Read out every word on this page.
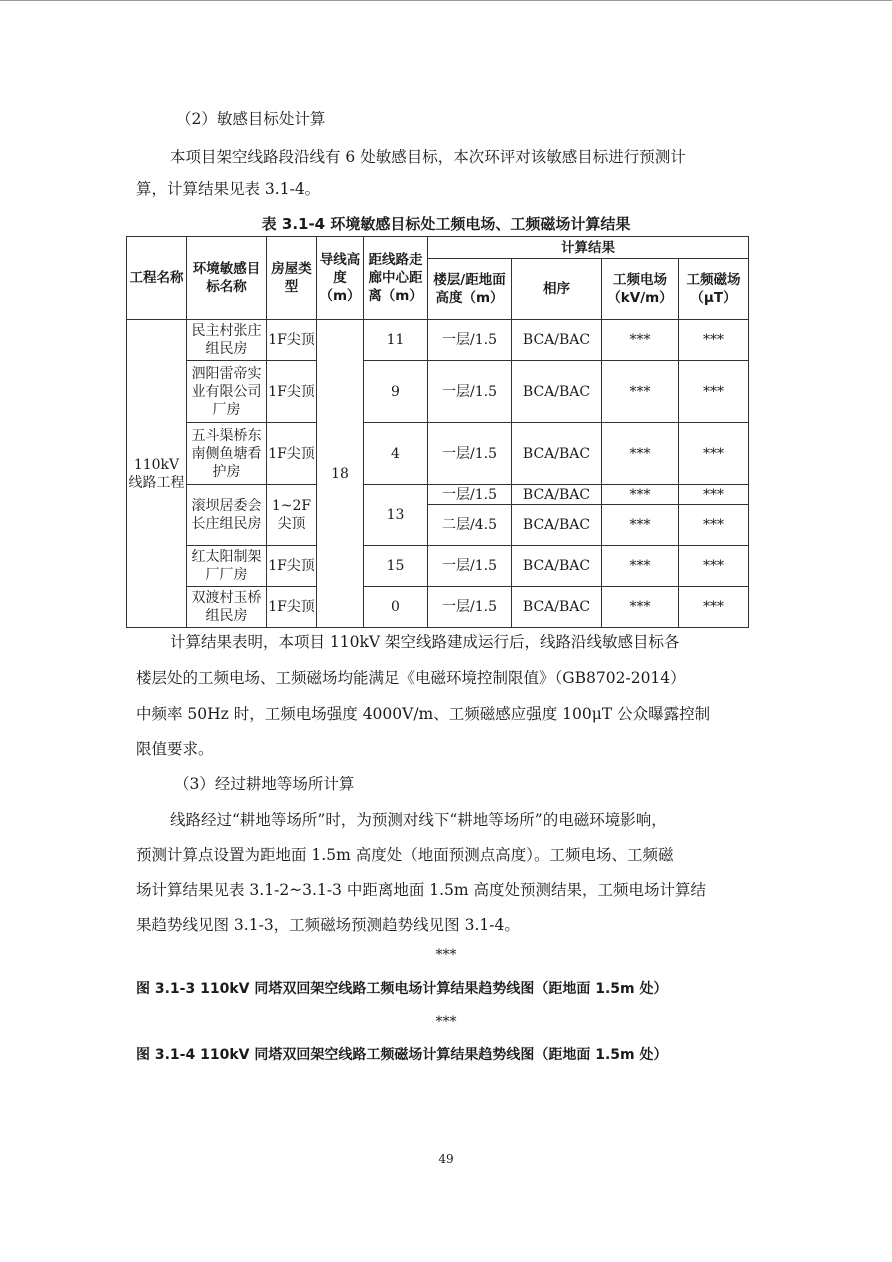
（2）敏感目标处计算
本项目架空线路段沿线有 6 处敏感目标，本次环评对该敏感目标进行预测计
算，计算结果见表 3.1-4。
表 3.1-4 环境敏感目标处工频电场、工频磁场计算结果
工程名称	环境敏感目标名称	房屋类型	导线高度（m）	距线路走廊中心距离（m）	计算结果			
					楼层/距地面高度（m）	相序	工频电场（kV/m）	工频磁场（μT）
110kV线路工程	民主村张庄组民房	1F尖顶	18	11	一层/1.5	BCA/BAC	***	***
	泗阳雷帝实业有限公司厂房	1F尖顶		9	一层/1.5	BCA/BAC	***	***
	五斗渠桥东南侧鱼塘看护房	1F尖顶		4	一层/1.5	BCA/BAC	***	***
	滚坝居委会长庄组民房	1~2F尖顶		13	一层/1.5	BCA/BAC	***	***
					二层/4.5	BCA/BAC	***	***
	红太阳制架厂厂房	1F尖顶		15	一层/1.5	BCA/BAC	***	***
	双渡村玉桥组民房	1F尖顶		0	一层/1.5	BCA/BAC	***	***
计算结果表明，本项目 110kV 架空线路建成运行后，线路沿线敏感目标各
楼层处的工频电场、工频磁场均能满足《电磁环境控制限值》（GB8702-2014）
中频率 50Hz 时，工频电场强度 4000V/m、工频磁感应强度 100μT 公众曝露控制
限值要求。
（3）经过耕地等场所计算
线路经过“耕地等场所”时，为预测对线下“耕地等场所”的电磁环境影响，
预测计算点设置为距地面 1.5m 高度处（地面预测点高度）。工频电场、工频磁
场计算结果见表 3.1-2~3.1-3 中距离地面 1.5m 高度处预测结果，工频电场计算结
果趋势线见图 3.1-3，工频磁场预测趋势线见图 3.1-4。
***
图 3.1-3 110kV 同塔双回架空线路工频电场计算结果趋势线图（距地面 1.5m 处）
***
图 3.1-4 110kV 同塔双回架空线路工频磁场计算结果趋势线图（距地面 1.5m 处）
49
